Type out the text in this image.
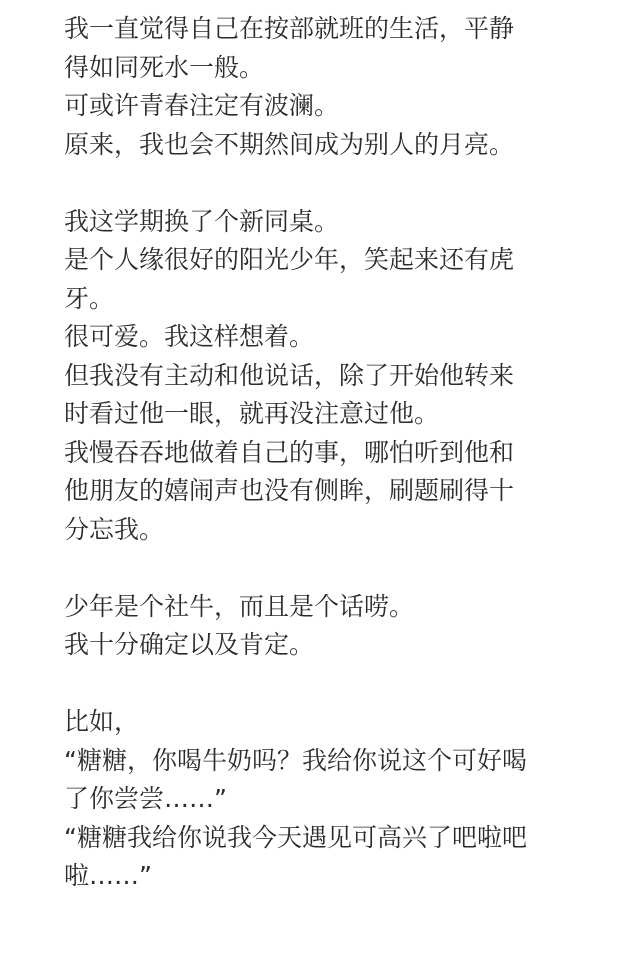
我一直觉得自己在按部就班的生活，平静
得如同死水一般。
可或许青春注定有波澜。
原来，我也会不期然间成为别人的月亮。
我这学期换了个新同桌。
是个人缘很好的阳光少年，笑起来还有虎
牙。
很可爱。我这样想着。
但我没有主动和他说话，除了开始他转来
时看过他一眼，就再没注意过他。
我慢吞吞地做着自己的事，哪怕听到他和
他朋友的嬉闹声也没有侧眸，刷题刷得十
分忘我。
少年是个社牛，而且是个话唠。
我十分确定以及肯定。
比如，
“糖糖，你喝牛奶吗？我给你说这个可好喝
了你尝尝……”
“糖糖我给你说我今天遇见可高兴了吧啦吧
啦……”
